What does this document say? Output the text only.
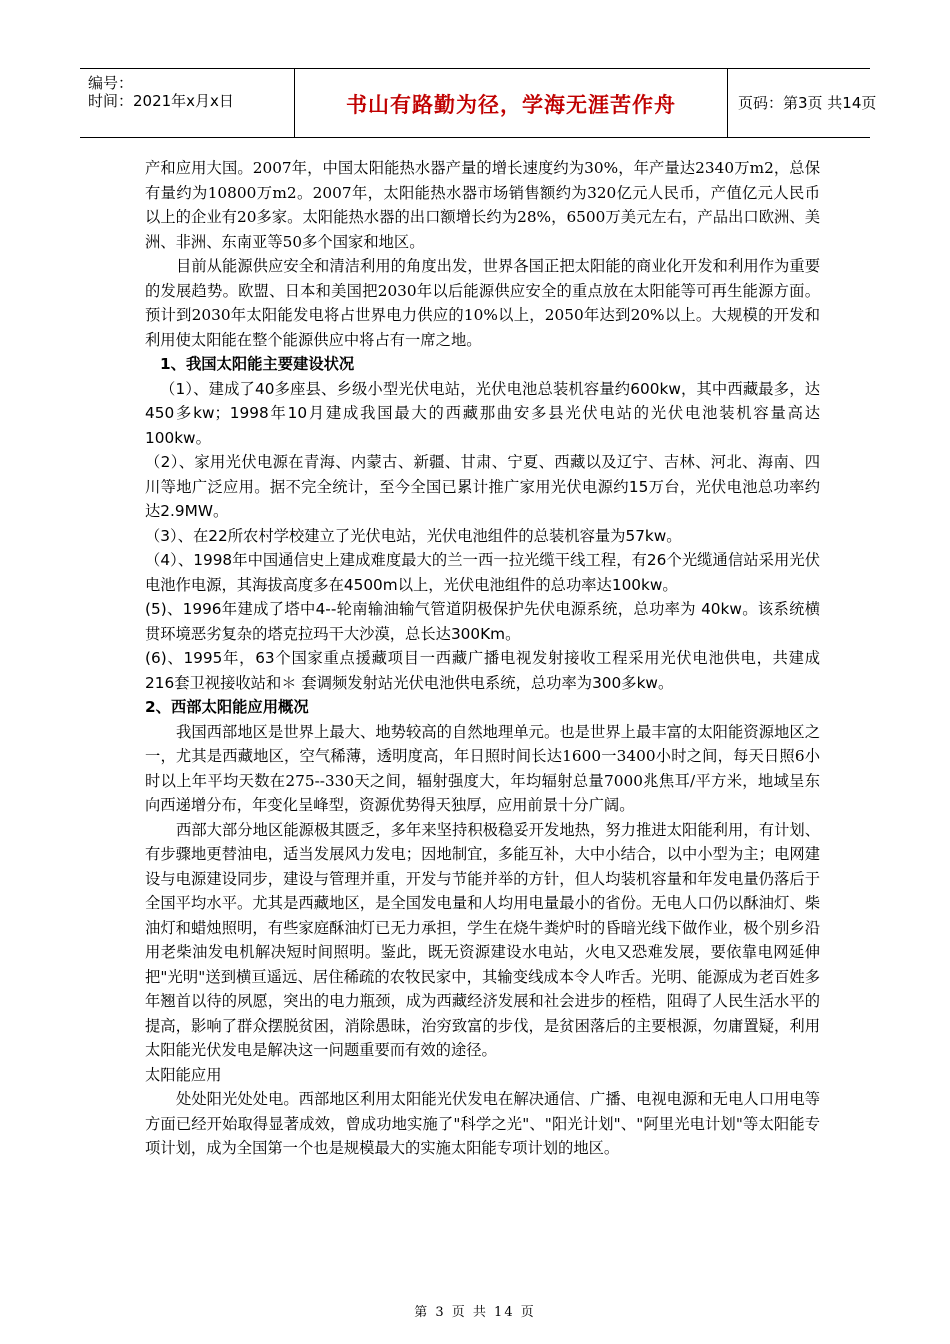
编号：
时间：2021年x月x日	书山有路勤为径，学海无涯苦作舟	页码：第3页 共14页

产和应用大国。2007年，中国太阳能热水器产量的增长速度约为30%，年产量达2340万m2，总保有量约为10800万m2。2007年，太阳能热水器市场销售额约为320亿元人民币，产值亿元人民币以上的企业有20多家。太阳能热水器的出口额增长约为28%，6500万美元左右，产品出口欧洲、美洲、非洲、东南亚等50多个国家和地区。

目前从能源供应安全和清洁利用的角度出发，世界各国正把太阳能的商业化开发和利用作为重要的发展趋势。欧盟、日本和美国把2030年以后能源供应安全的重点放在太阳能等可再生能源方面。预计到2030年太阳能发电将占世界电力供应的10%以上，2050年达到20%以上。大规模的开发和利用使太阳能在整个能源供应中将占有一席之地。

1、我国太阳能主要建设状况

（1）、建成了40多座县、乡级小型光伏电站，光伏电池总装机容量约600kw，其中西藏最多，达450多kw；1998年10月建成我国最大的西藏那曲安多县光伏电站的光伏电池装机容量高达100kw。

（2）、家用光伏电源在青海、内蒙古、新疆、甘肃、宁夏、西藏以及辽宁、吉林、河北、海南、四川等地广泛应用。据不完全统计，至今全国已累计推广家用光伏电源约15万台，光伏电池总功率约达2.9MW。

（3）、在22所农村学校建立了光伏电站，光伏电池组件的总装机容量为57kw。

（4）、1998年中国通信史上建成难度最大的兰一西一拉光缆干线工程，有26个光缆通信站采用光伏电池作电源，其海拔高度多在4500m以上，光伏电池组件的总功率达100kw。

(5)、1996年建成了塔中4--轮南输油输气管道阴极保护先伏电源系统，总功率为 40kw。该系统横贯环境恶劣复杂的塔克拉玛干大沙漠，总长达300Km。

(6)、1995年，63个国家重点援藏项目一西藏广播电视发射接收工程采用光伏电池供电，共建成216套卫视接收站和＊ 套调频发射站光伏电池供电系统，总功率为300多kw。

2、西部太阳能应用概况

我国西部地区是世界上最大、地势较高的自然地理单元。也是世界上最丰富的太阳能资源地区之一，尤其是西藏地区，空气稀薄，透明度高，年日照时间长达1600一3400小时之间，每天日照6小时以上年平均天数在275--330天之间，辐射强度大，年均辐射总量7000兆焦耳/平方米，地域呈东向西递增分布，年变化呈峰型，资源优势得天独厚，应用前景十分广阔。

西部大部分地区能源极其匮乏，多年来坚持积极稳妥开发地热，努力推进太阳能利用，有计划、有步骤地更替油电，适当发展风力发电；因地制宜，多能互补，大中小结合，以中小型为主；电网建设与电源建设同步，建设与管理并重，开发与节能并举的方针，但人均装机容量和年发电量仍落后于全国平均水平。尤其是西藏地区，是全国发电量和人均用电量最小的省份。无电人口仍以酥油灯、柴油灯和蜡烛照明，有些家庭酥油灯已无力承担，学生在烧牛粪炉时的昏暗光线下做作业，极个别乡沿用老柴油发电机解决短时间照明。鉴此，既无资源建设水电站，火电又恐难发展，要依靠电网延伸把"光明"送到横亘遥远、居住稀疏的农牧民家中，其输变线成本令人咋舌。光明、能源成为老百姓多年翘首以待的夙愿，突出的电力瓶颈，成为西藏经济发展和社会进步的桎梏，阻碍了人民生活水平的提高，影响了群众摆脱贫困，消除愚昧，治穷致富的步伐，是贫困落后的主要根源，勿庸置疑，利用太阳能光伏发电是解决这一问题重要而有效的途径。

太阳能应用

处处阳光处处电。西部地区利用太阳能光伏发电在解决通信、广播、电视电源和无电人口用电等方面已经开始取得显著成效，曾成功地实施了"科学之光"、"阳光计划"、"阿里光电计划"等太阳能专项计划，成为全国第一个也是规模最大的实施太阳能专项计划的地区。

第 3 页 共 14 页
